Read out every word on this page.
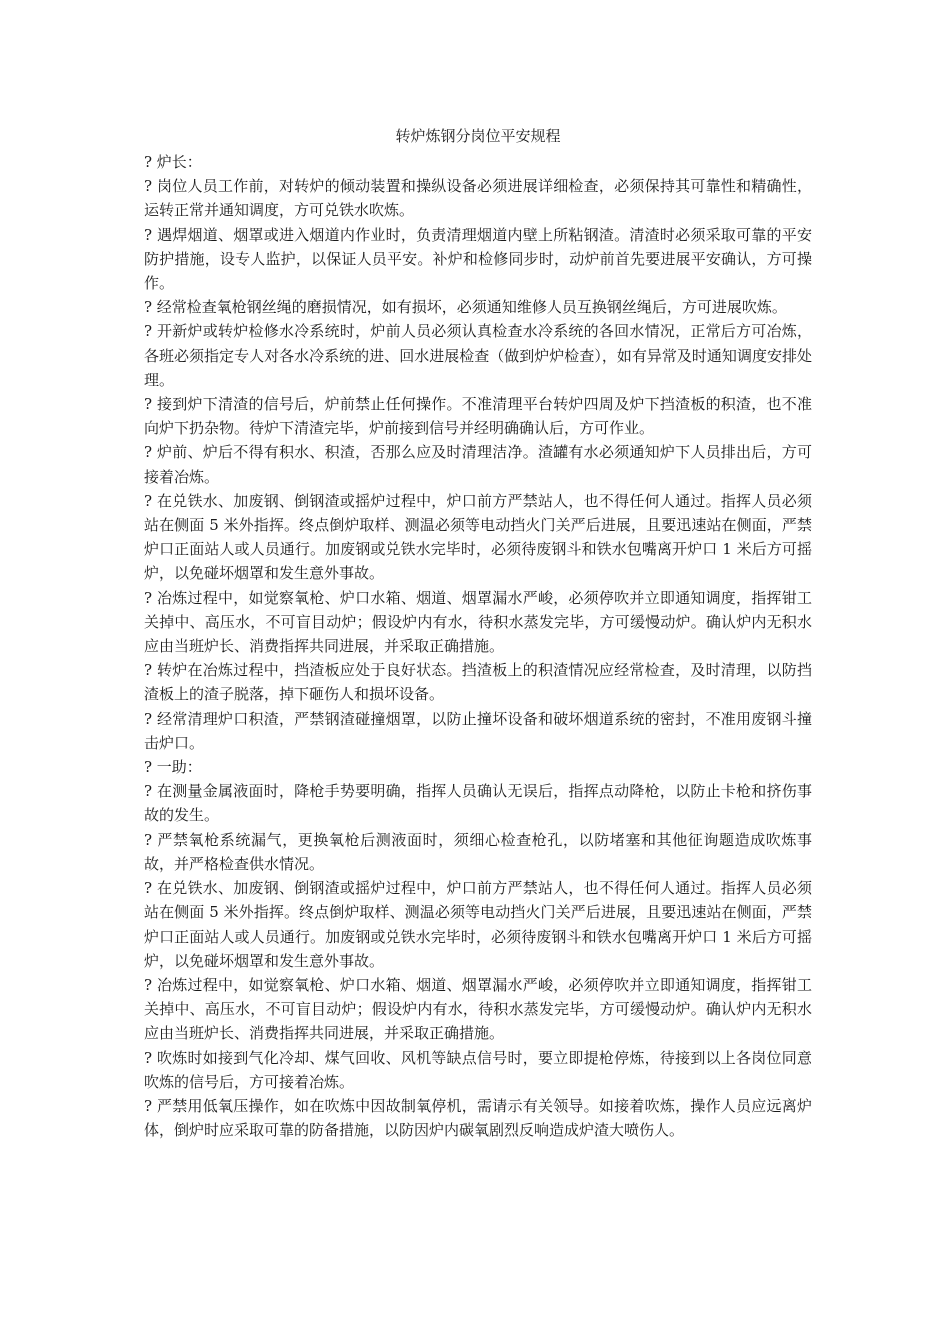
转炉炼钢分岗位平安规程

? 炉长：

? 岗位人员工作前，对转炉的倾动装置和操纵设备必须进展详细检查，必须保持其可靠性和精确性，运转正常并通知调度，方可兑铁水吹炼。

? 遇焊烟道、烟罩或进入烟道内作业时，负责清理烟道内壁上所粘钢渣。清渣时必须采取可靠的平安防护措施，设专人监护，以保证人员平安。补炉和检修同步时，动炉前首先要进展平安确认，方可操作。

? 经常检查氧枪钢丝绳的磨损情况，如有损坏，必须通知维修人员互换钢丝绳后，方可进展吹炼。

? 开新炉或转炉检修水冷系统时，炉前人员必须认真检查水冷系统的各回水情况，正常后方可冶炼，各班必须指定专人对各水冷系统的进、回水进展检查（做到炉炉检查），如有异常及时通知调度安排处理。

? 接到炉下清渣的信号后，炉前禁止任何操作。不准清理平台转炉四周及炉下挡渣板的积渣，也不准向炉下扔杂物。待炉下清渣完毕，炉前接到信号并经明确确认后，方可作业。

? 炉前、炉后不得有积水、积渣，否那么应及时清理洁净。渣罐有水必须通知炉下人员排出后，方可接着冶炼。

? 在兑铁水、加废钢、倒钢渣或摇炉过程中，炉口前方严禁站人，也不得任何人通过。指挥人员必须站在侧面 5 米外指挥。终点倒炉取样、测温必须等电动挡火门关严后进展，且要迅速站在侧面，严禁炉口正面站人或人员通行。加废钢或兑铁水完毕时，必须待废钢斗和铁水包嘴离开炉口 1 米后方可摇炉，以免碰坏烟罩和发生意外事故。

? 冶炼过程中，如觉察氧枪、炉口水箱、烟道、烟罩漏水严峻，必须停吹并立即通知调度，指挥钳工关掉中、高压水，不可盲目动炉；假设炉内有水，待积水蒸发完毕，方可缓慢动炉。确认炉内无积水应由当班炉长、消费指挥共同进展，并采取正确措施。

? 转炉在冶炼过程中，挡渣板应处于良好状态。挡渣板上的积渣情况应经常检查，及时清理，以防挡渣板上的渣子脱落，掉下砸伤人和损坏设备。

? 经常清理炉口积渣，严禁钢渣碰撞烟罩，以防止撞坏设备和破坏烟道系统的密封，不准用废钢斗撞击炉口。

? 一助：

? 在测量金属液面时，降枪手势要明确，指挥人员确认无误后，指挥点动降枪，以防止卡枪和挤伤事故的发生。

? 严禁氧枪系统漏气，更换氧枪后测液面时，须细心检查枪孔，以防堵塞和其他征询题造成吹炼事故，并严格检查供水情况。

? 在兑铁水、加废钢、倒钢渣或摇炉过程中，炉口前方严禁站人，也不得任何人通过。指挥人员必须站在侧面 5 米外指挥。终点倒炉取样、测温必须等电动挡火门关严后进展，且要迅速站在侧面，严禁炉口正面站人或人员通行。加废钢或兑铁水完毕时，必须待废钢斗和铁水包嘴离开炉口 1 米后方可摇炉，以免碰坏烟罩和发生意外事故。

? 冶炼过程中，如觉察氧枪、炉口水箱、烟道、烟罩漏水严峻，必须停吹并立即通知调度，指挥钳工关掉中、高压水，不可盲目动炉；假设炉内有水，待积水蒸发完毕，方可缓慢动炉。确认炉内无积水应由当班炉长、消费指挥共同进展，并采取正确措施。

? 吹炼时如接到气化冷却、煤气回收、风机等缺点信号时，要立即提枪停炼，待接到以上各岗位同意吹炼的信号后，方可接着冶炼。

? 严禁用低氧压操作，如在吹炼中因故制氧停机，需请示有关领导。如接着吹炼，操作人员应远离炉体，倒炉时应采取可靠的防备措施，以防因炉内碳氧剧烈反响造成炉渣大喷伤人。
